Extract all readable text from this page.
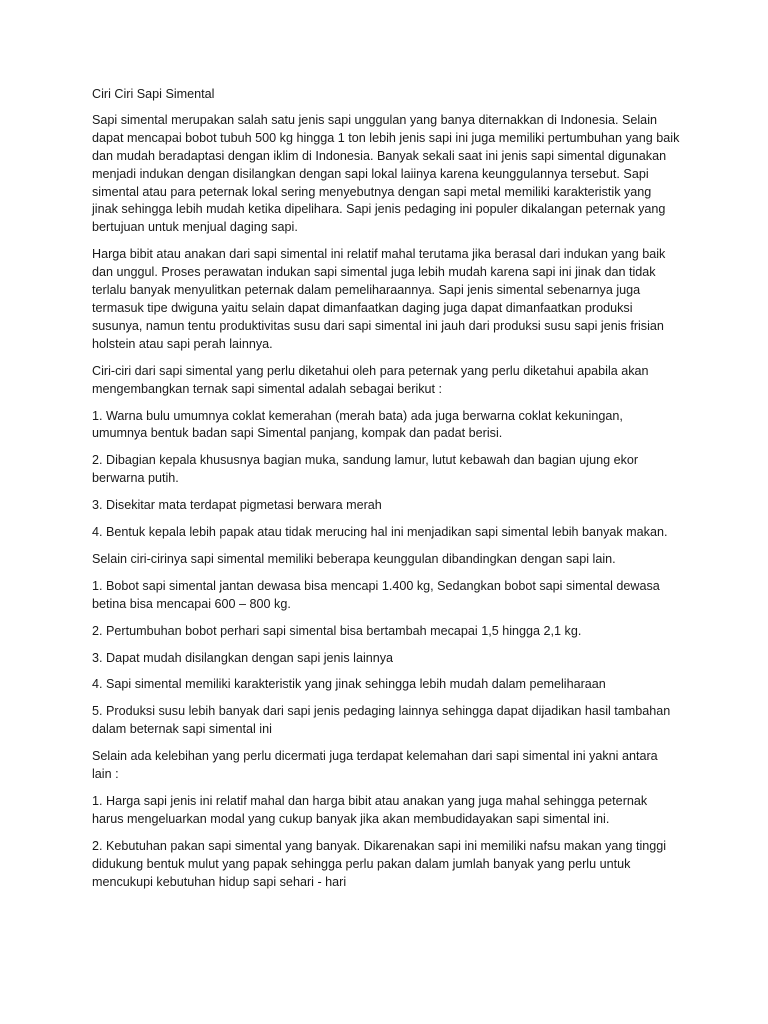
Ciri Ciri Sapi Simental

Sapi simental merupakan salah satu jenis sapi unggulan yang banya diternakkan di Indonesia. Selain dapat mencapai bobot tubuh 500 kg hingga 1 ton lebih jenis sapi ini juga memiliki pertumbuhan yang baik dan mudah beradaptasi dengan iklim di Indonesia. Banyak sekali saat ini jenis sapi simental digunakan menjadi indukan dengan disilangkan dengan sapi lokal laiinya karena keunggulannya tersebut. Sapi simental atau para peternak lokal sering menyebutnya dengan sapi metal memiliki karakteristik yang jinak sehingga lebih mudah ketika dipelihara. Sapi jenis pedaging ini populer dikalangan peternak yang bertujuan untuk menjual daging sapi.

Harga bibit atau anakan dari sapi simental ini relatif mahal terutama jika berasal dari indukan yang baik dan unggul. Proses perawatan indukan sapi simental juga lebih mudah karena sapi ini jinak dan tidak terlalu banyak menyulitkan peternak dalam pemeliharaannya. Sapi jenis simental sebenarnya juga termasuk tipe dwiguna yaitu selain dapat dimanfaatkan daging juga dapat dimanfaatkan produksi susunya, namun tentu produktivitas susu dari sapi simental ini jauh dari produksi susu sapi jenis frisian holstein atau sapi perah lainnya.

Ciri-ciri dari sapi simental yang perlu diketahui oleh para peternak yang perlu diketahui apabila akan mengembangkan ternak sapi simental adalah sebagai berikut :

1. Warna bulu umumnya coklat kemerahan (merah bata) ada juga berwarna coklat kekuningan, umumnya bentuk badan sapi Simental panjang, kompak dan padat berisi.

2. Dibagian kepala khususnya bagian muka, sandung lamur, lutut kebawah dan bagian ujung ekor berwarna putih.

3. Disekitar mata terdapat pigmetasi berwara merah

4. Bentuk kepala lebih papak atau tidak merucing hal ini menjadikan sapi simental lebih banyak makan.

Selain ciri-cirinya sapi simental memiliki beberapa keunggulan dibandingkan dengan sapi lain.

1. Bobot sapi simental jantan dewasa bisa mencapi 1.400 kg, Sedangkan bobot sapi simental dewasa betina bisa mencapai 600 – 800 kg.

2. Pertumbuhan bobot perhari sapi simental bisa bertambah mecapai 1,5 hingga 2,1 kg.

3. Dapat mudah disilangkan dengan sapi jenis lainnya

4. Sapi simental memiliki karakteristik yang jinak sehingga lebih mudah dalam pemeliharaan

5. Produksi susu lebih banyak dari sapi jenis pedaging lainnya sehingga dapat dijadikan hasil tambahan dalam beternak sapi simental ini

Selain ada kelebihan yang perlu dicermati juga terdapat kelemahan dari sapi simental ini yakni antara lain :

1. Harga sapi jenis ini relatif mahal dan harga bibit atau anakan yang juga mahal sehingga peternak harus mengeluarkan modal yang cukup banyak jika akan membudidayakan sapi simental ini.

2. Kebutuhan pakan sapi simental yang banyak. Dikarenakan sapi ini memiliki nafsu makan yang tinggi didukung bentuk mulut yang papak sehingga perlu pakan dalam jumlah banyak yang perlu untuk mencukupi kebutuhan hidup sapi sehari - hari
